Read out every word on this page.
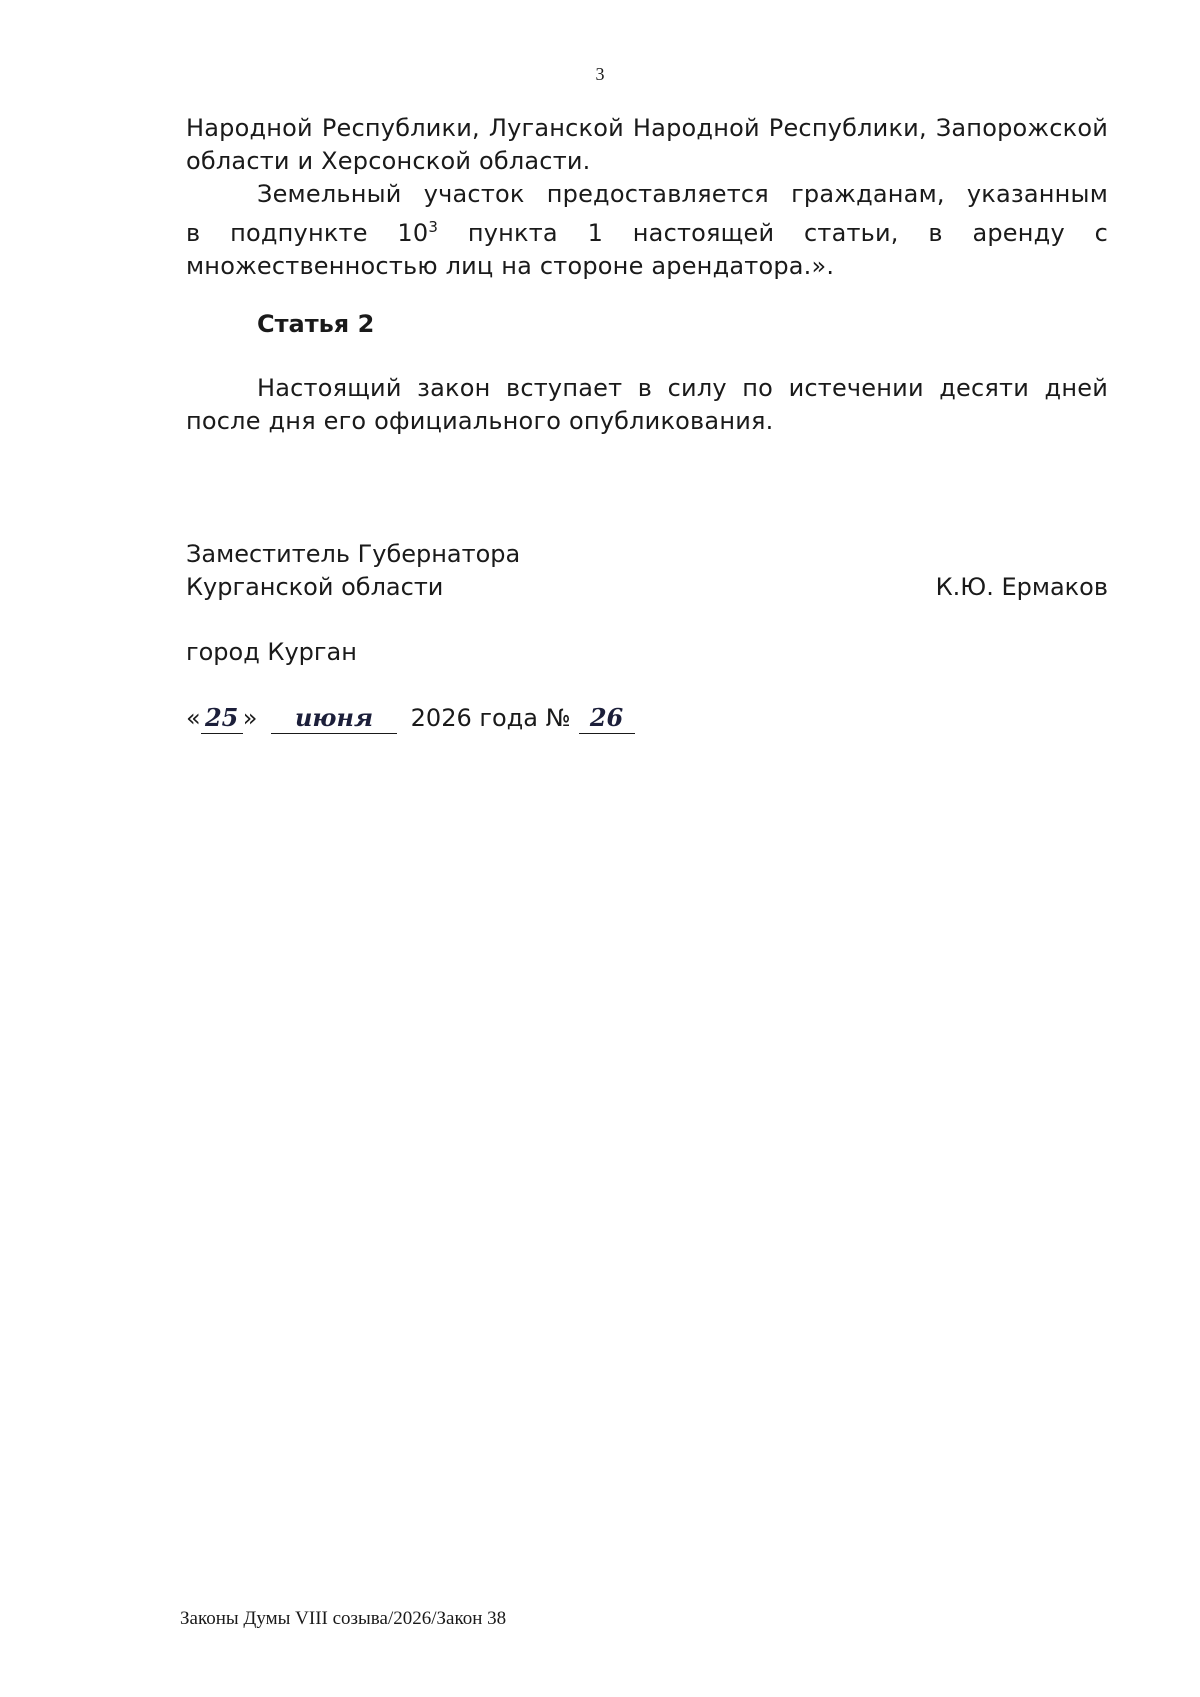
3

Народной Республики, Луганской Народной Республики, Запорожской области и Херсонской области.

Земельный участок предоставляется гражданам, указанным

в подпункте $10^3$ пункта 1 настоящей статьи, в аренду с множественностью лиц на стороне арендатора.».

Статья 2

Настоящий закон вступает в силу по истечении десяти дней после дня его официального опубликования.

Заместитель Губернатора
Курганской области	К.Ю. Ермаков
город Курган
« 25 » июня 2026 года № 26
Законы Думы VIII созыва/2026/Закон 38
